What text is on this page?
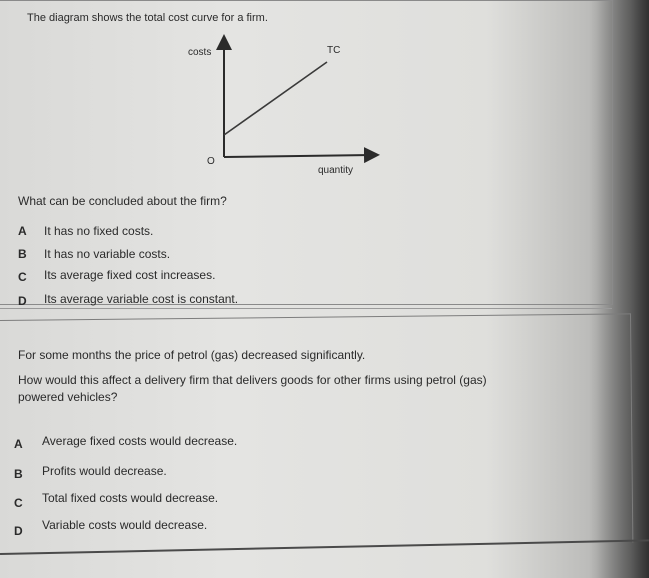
The diagram shows the total cost curve for a firm.
costs	TC
O
quantity
What can be concluded about the firm?
A It has no fixed costs.
B It has no variable costs.
C Its average fixed cost increases.
D Its average variable cost is constant.
For some months the price of petrol (gas) decreased significantly.
How would this affect a delivery firm that delivers goods for other firms using petrol (gas)
powered vehicles?
A Average fixed costs would decrease.
B Profits would decrease.
C Total fixed costs would decrease.
D Variable costs would decrease.
